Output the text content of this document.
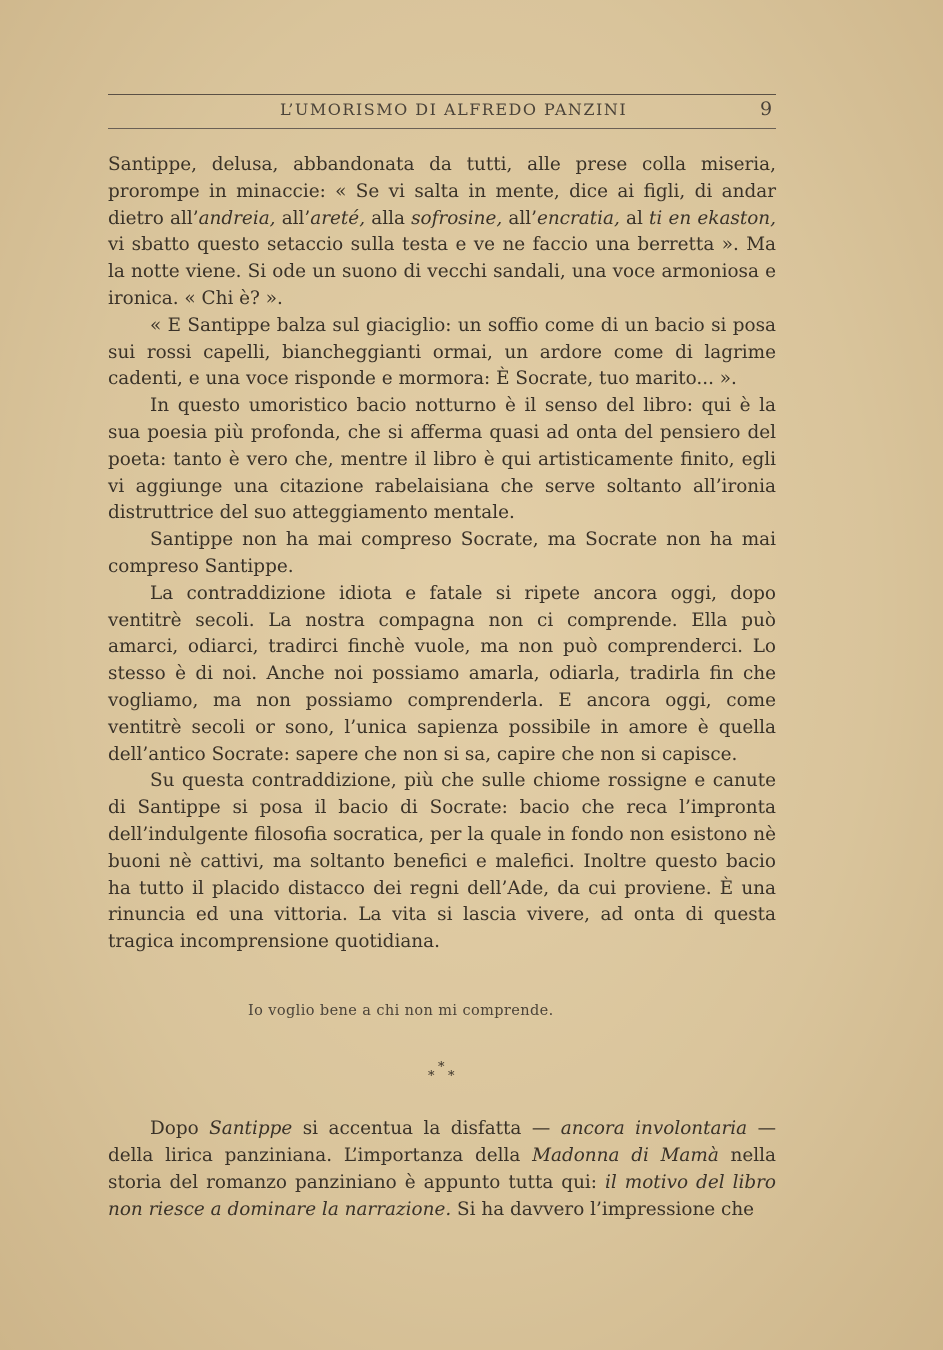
L’UMORISMO DI ALFREDO PANZINI	9

Santippe, delusa, abbandonata da tutti, alle prese colla miseria, prorompe in minaccie: « Se vi salta in mente, dice ai figli, di andar dietro all’andreia, all’areté, alla sofrosine, all’encratia, al ti en ekaston, vi sbatto questo setaccio sulla testa e ve ne faccio una berretta ». Ma la notte viene. Si ode un suono di vecchi sandali, una voce armoniosa e ironica. « Chi è? ».

« E Santippe balza sul giaciglio: un soffio come di un bacio si posa sui rossi capelli, biancheggianti ormai, un ardore come di lagrime cadenti, e una voce risponde e mormora: È Socrate, tuo marito... ».

In questo umoristico bacio notturno è il senso del libro: qui è la sua poesia più profonda, che si afferma quasi ad onta del pensiero del poeta: tanto è vero che, mentre il libro è qui artisticamente finito, egli vi aggiunge una citazione rabelaisiana che serve soltanto all’ironia distruttrice del suo atteggiamento mentale.

Santippe non ha mai compreso Socrate, ma Socrate non ha mai compreso Santippe.

La contraddizione idiota e fatale si ripete ancora oggi, dopo ventitrè secoli. La nostra compagna non ci comprende. Ella può amarci, odiarci, tradirci finchè vuole, ma non può comprenderci. Lo stesso è di noi. Anche noi possiamo amarla, odiarla, tradirla fin che vogliamo, ma non possiamo comprenderla. E ancora oggi, come ventitrè secoli or sono, l’unica sapienza possibile in amore è quella dell’antico Socrate: sapere che non si sa, capire che non si capisce.

Su questa contraddizione, più che sulle chiome rossigne e canute di Santippe si posa il bacio di Socrate: bacio che reca l’impronta dell’indulgente filosofia socratica, per la quale in fondo non esistono nè buoni nè cattivi, ma soltanto benefici e malefici. Inoltre questo bacio ha tutto il placido distacco dei regni dell’Ade, da cui proviene. È una rinuncia ed una vittoria. La vita si lascia vivere, ad onta di questa tragica incomprensione quotidiana.

Io voglio bene a chi non mi comprende.
*
* *

Dopo Santippe si accentua la disfatta — ancora involontaria — della lirica panziniana. L’importanza della Madonna di Mamà nella storia del romanzo panziniano è appunto tutta qui: il motivo del libro non riesce a dominare la narrazione. Si ha davvero l’impressione che
